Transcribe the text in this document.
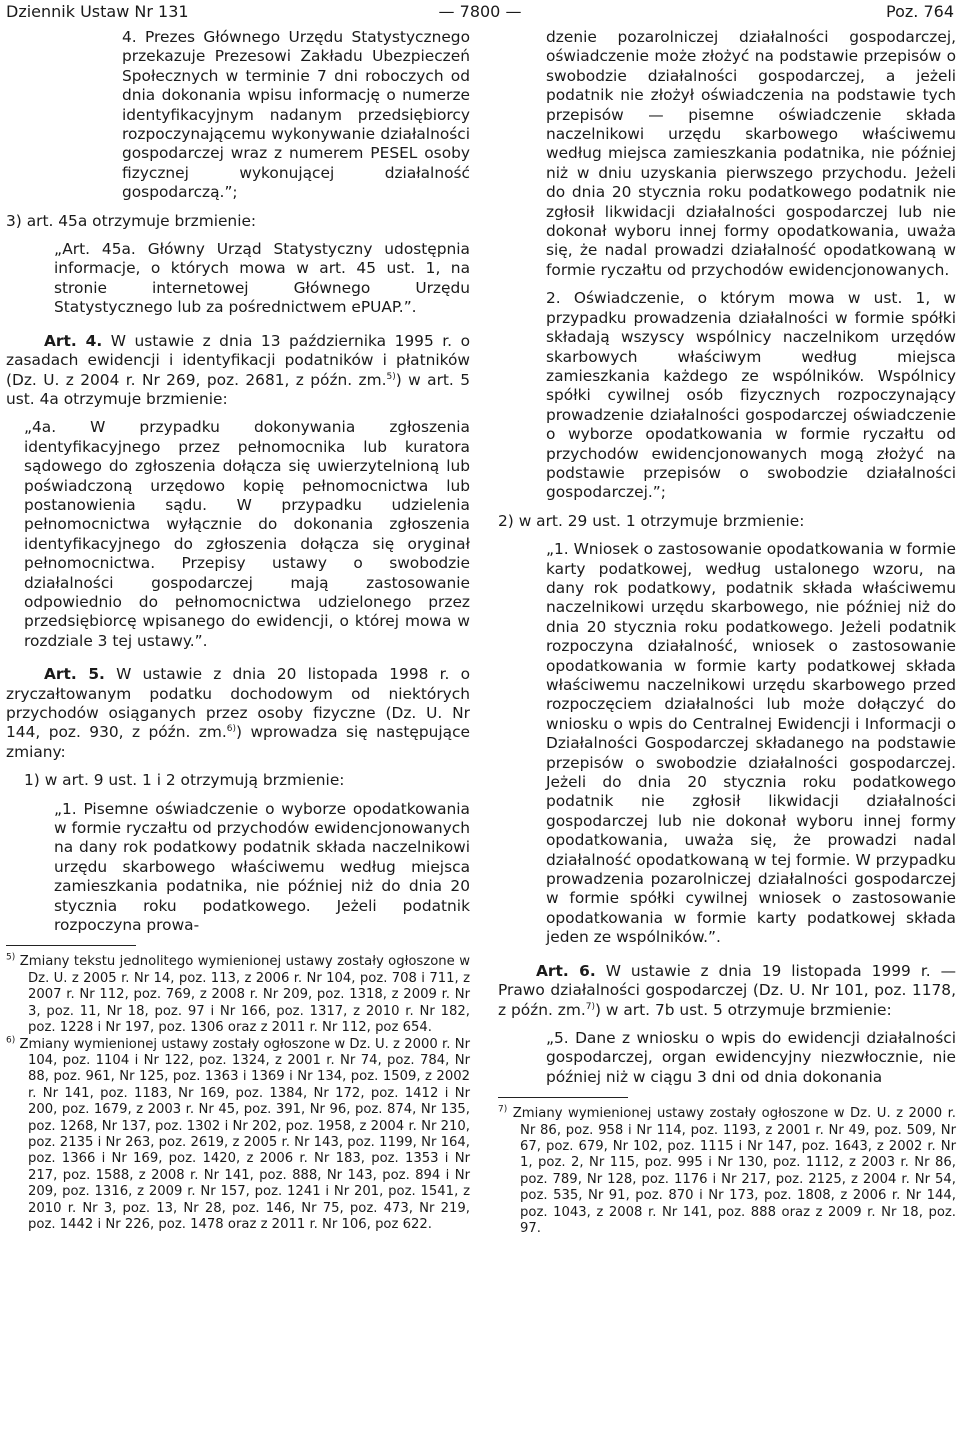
Dziennik Ustaw Nr 131	— 7800 —	Poz. 764

4. Prezes Głównego Urzędu Statystycznego przekazuje Prezesowi Zakładu Ubezpieczeń Społecznych w terminie 7 dni roboczych od dnia dokonania wpisu informację o numerze identyfikacyjnym nadanym przedsiębiorcy rozpoczynającemu wykonywanie działalności gospodarczej wraz z numerem PESEL osoby fizycznej wykonującej działalność gospodarczą.”;

3) art. 45a otrzymuje brzmienie:

„Art. 45a. Główny Urząd Statystyczny udostępnia informacje, o których mowa w art. 45 ust. 1, na stronie internetowej Głównego Urzędu Statystycznego lub za pośrednictwem ePUAP.”.

Art. 4. W ustawie z dnia 13 października 1995 r. o zasadach ewidencji i identyfikacji podatników i płatników (Dz. U. z 2004 r. Nr 269, poz. 2681, z późn. zm.$^{5)}$) w art. 5 ust. 4a otrzymuje brzmienie:

„4a. W przypadku dokonywania zgłoszenia identyfikacyjnego przez pełnomocnika lub kuratora sądowego do zgłoszenia dołącza się uwierzytelnioną lub poświadczoną urzędowo kopię pełnomocnictwa lub postanowienia sądu. W przypadku udzielenia pełnomocnictwa wyłącznie do dokonania zgłoszenia identyfikacyjnego do zgłoszenia dołącza się oryginał pełnomocnictwa. Przepisy ustawy o swobodzie działalności gospodarczej mają zastosowanie odpowiednio do pełnomocnictwa udzielonego przez przedsiębiorcę wpisanego do ewidencji, o której mowa w rozdziale 3 tej ustawy.”.

Art. 5. W ustawie z dnia 20 listopada 1998 r. o zryczałtowanym podatku dochodowym od niektórych przychodów osiąganych przez osoby fizyczne (Dz. U. Nr 144, poz. 930, z późn. zm.$^{6)}$) wprowadza się następujące zmiany:

1) w art. 9 ust. 1 i 2 otrzymują brzmienie:

„1. Pisemne oświadczenie o wyborze opodatkowania w formie ryczałtu od przychodów ewidencjonowanych na dany rok podatkowy podatnik składa naczelnikowi urzędu skarbowego właściwemu według miejsca zamieszkania podatnika, nie później niż do dnia 20 stycznia roku podatkowego. Jeżeli podatnik rozpoczyna prowa-

$^{5)}$ Zmiany tekstu jednolitego wymienionej ustawy zostały ogłoszone w Dz. U. z 2005 r. Nr 14, poz. 113, z 2006 r. Nr 104, poz. 708 i 711, z 2007 r. Nr 112, poz. 769, z 2008 r. Nr 209, poz. 1318, z 2009 r. Nr 3, poz. 11, Nr 18, poz. 97 i Nr 166, poz. 1317, z 2010 r. Nr 182, poz. 1228 i Nr 197, poz. 1306 oraz z 2011 r. Nr 112, poz 654.

$^{6)}$ Zmiany wymienionej ustawy zostały ogłoszone w Dz. U. z 2000 r. Nr 104, poz. 1104 i Nr 122, poz. 1324, z 2001 r. Nr 74, poz. 784, Nr 88, poz. 961, Nr 125, poz. 1363 i 1369 i Nr 134, poz. 1509, z 2002 r. Nr 141, poz. 1183, Nr 169, poz. 1384, Nr 172, poz. 1412 i Nr 200, poz. 1679, z 2003 r. Nr 45, poz. 391, Nr 96, poz. 874, Nr 135, poz. 1268, Nr 137, poz. 1302 i Nr 202, poz. 1958, z 2004 r. Nr 210, poz. 2135 i Nr 263, poz. 2619, z 2005 r. Nr 143, poz. 1199, Nr 164, poz. 1366 i Nr 169, poz. 1420, z 2006 r. Nr 183, poz. 1353 i Nr 217, poz. 1588, z 2008 r. Nr 141, poz. 888, Nr 143, poz. 894 i Nr 209, poz. 1316, z 2009 r. Nr 157, poz. 1241 i Nr 201, poz. 1541, z 2010 r. Nr 3, poz. 13, Nr 28, poz. 146, Nr 75, poz. 473, Nr 219, poz. 1442 i Nr 226, poz. 1478 oraz z 2011 r. Nr 106, poz 622.

dzenie pozarolniczej działalności gospodarczej, oświadczenie może złożyć na podstawie przepisów o swobodzie działalności gospodarczej, a jeżeli podatnik nie złożył oświadczenia na podstawie tych przepisów — pisemne oświadczenie składa naczelnikowi urzędu skarbowego właściwemu według miejsca zamieszkania podatnika, nie później niż w dniu uzyskania pierwszego przychodu. Jeżeli do dnia 20 stycznia roku podatkowego podatnik nie zgłosił likwidacji działalności gospodarczej lub nie dokonał wyboru innej formy opodatkowania, uważa się, że nadal prowadzi działalność opodatkowaną w formie ryczałtu od przychodów ewidencjonowanych.

2. Oświadczenie, o którym mowa w ust. 1, w przypadku prowadzenia działalności w formie spółki składają wszyscy wspólnicy naczelnikom urzędów skarbowych właściwym według miejsca zamieszkania każdego ze wspólników. Wspólnicy spółki cywilnej osób fizycznych rozpoczynający prowadzenie działalności gospodarczej oświadczenie o wyborze opodatkowania w formie ryczałtu od przychodów ewidencjonowanych mogą złożyć na podstawie przepisów o swobodzie działalności gospodarczej.”;

2) w art. 29 ust. 1 otrzymuje brzmienie:

„1. Wniosek o zastosowanie opodatkowania w formie karty podatkowej, według ustalonego wzoru, na dany rok podatkowy, podatnik składa właściwemu naczelnikowi urzędu skarbowego, nie później niż do dnia 20 stycznia roku podatkowego. Jeżeli podatnik rozpoczyna działalność, wniosek o zastosowanie opodatkowania w formie karty podatkowej składa właściwemu naczelnikowi urzędu skarbowego przed rozpoczęciem działalności lub może dołączyć do wniosku o wpis do Centralnej Ewidencji i Informacji o Działalności Gospodarczej składanego na podstawie przepisów o swobodzie działalności gospodarczej. Jeżeli do dnia 20 stycznia roku podatkowego podatnik nie zgłosił likwidacji działalności gospodarczej lub nie dokonał wyboru innej formy opodatkowania, uważa się, że prowadzi nadal działalność opodatkowaną w tej formie. W przypadku prowadzenia pozarolniczej działalności gospodarczej w formie spółki cywilnej wniosek o zastosowanie opodatkowania w formie karty podatkowej składa jeden ze wspólników.”.

Art. 6. W ustawie z dnia 19 listopada 1999 r. — Prawo działalności gospodarczej (Dz. U. Nr 101, poz. 1178, z późn. zm.$^{7)}$) w art. 7b ust. 5 otrzymuje brzmienie:

„5. Dane z wniosku o wpis do ewidencji działalności gospodarczej, organ ewidencyjny niezwłocznie, nie później niż w ciągu 3 dni od dnia dokonania

$^{7)}$ Zmiany wymienionej ustawy zostały ogłoszone w Dz. U. z 2000 r. Nr 86, poz. 958 i Nr 114, poz. 1193, z 2001 r. Nr 49, poz. 509, Nr 67, poz. 679, Nr 102, poz. 1115 i Nr 147, poz. 1643, z 2002 r. Nr 1, poz. 2, Nr 115, poz. 995 i Nr 130, poz. 1112, z 2003 r. Nr 86, poz. 789, Nr 128, poz. 1176 i Nr 217, poz. 2125, z 2004 r. Nr 54, poz. 535, Nr 91, poz. 870 i Nr 173, poz. 1808, z 2006 r. Nr 144, poz. 1043, z 2008 r. Nr 141, poz. 888 oraz z 2009 r. Nr 18, poz. 97.
